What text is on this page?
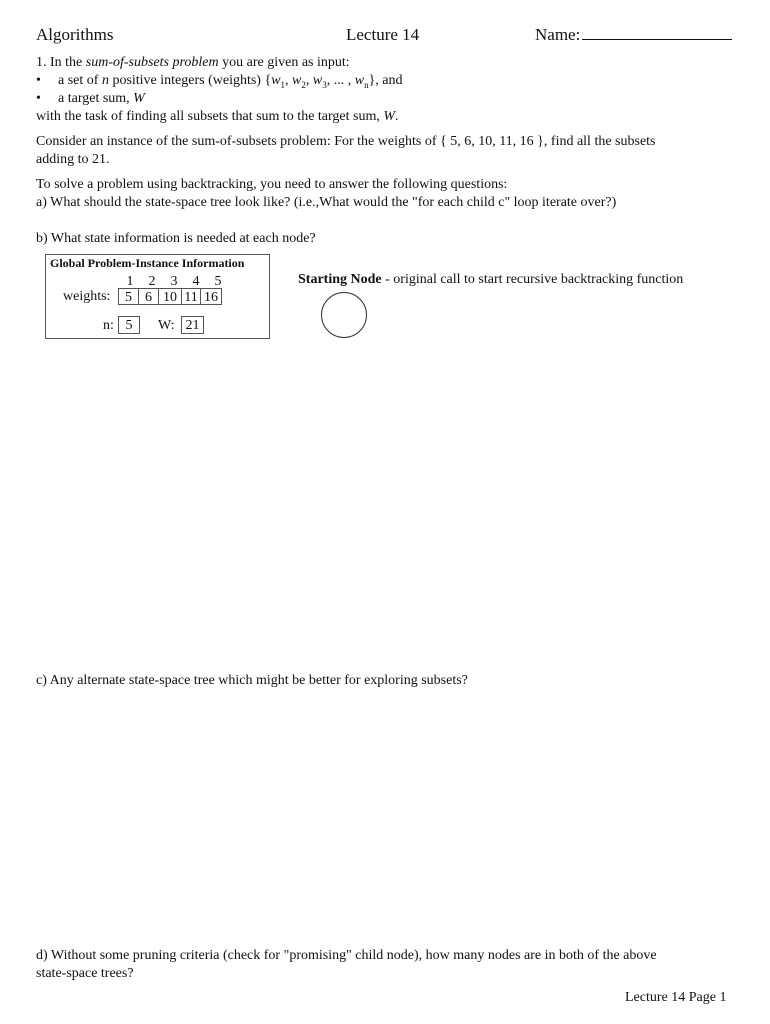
Algorithms	Lecture 14	Name:
1. In the sum-of-subsets problem you are given as input:
• a set of n positive integers (weights) {$w_1$, $w_2$, $w_3$, ... , $w_n$}, and
• a target sum, W
with the task of finding all subsets that sum to the target sum, W.
Consider an instance of the sum-of-subsets problem: For the weights of { 5, 6, 10, 11, 16 }, find all the subsets
adding to 21.
To solve a problem using backtracking, you need to answer the following questions:
a) What should the state-space tree look like? (i.e.,What would the "for each child c" loop iterate over?)
b) What state information is needed at each node?
Global Problem-Instance Information
1	2	3	4	5
weights:	5 6 10 11 16
n: 5	W: 21
Starting Node - original call to start recursive backtracking function
c) Any alternate state-space tree which might be better for exploring subsets?
d) Without some pruning criteria (check for "promising" child node), how many nodes are in both of the above
state-space trees?
Lecture 14 Page 1
